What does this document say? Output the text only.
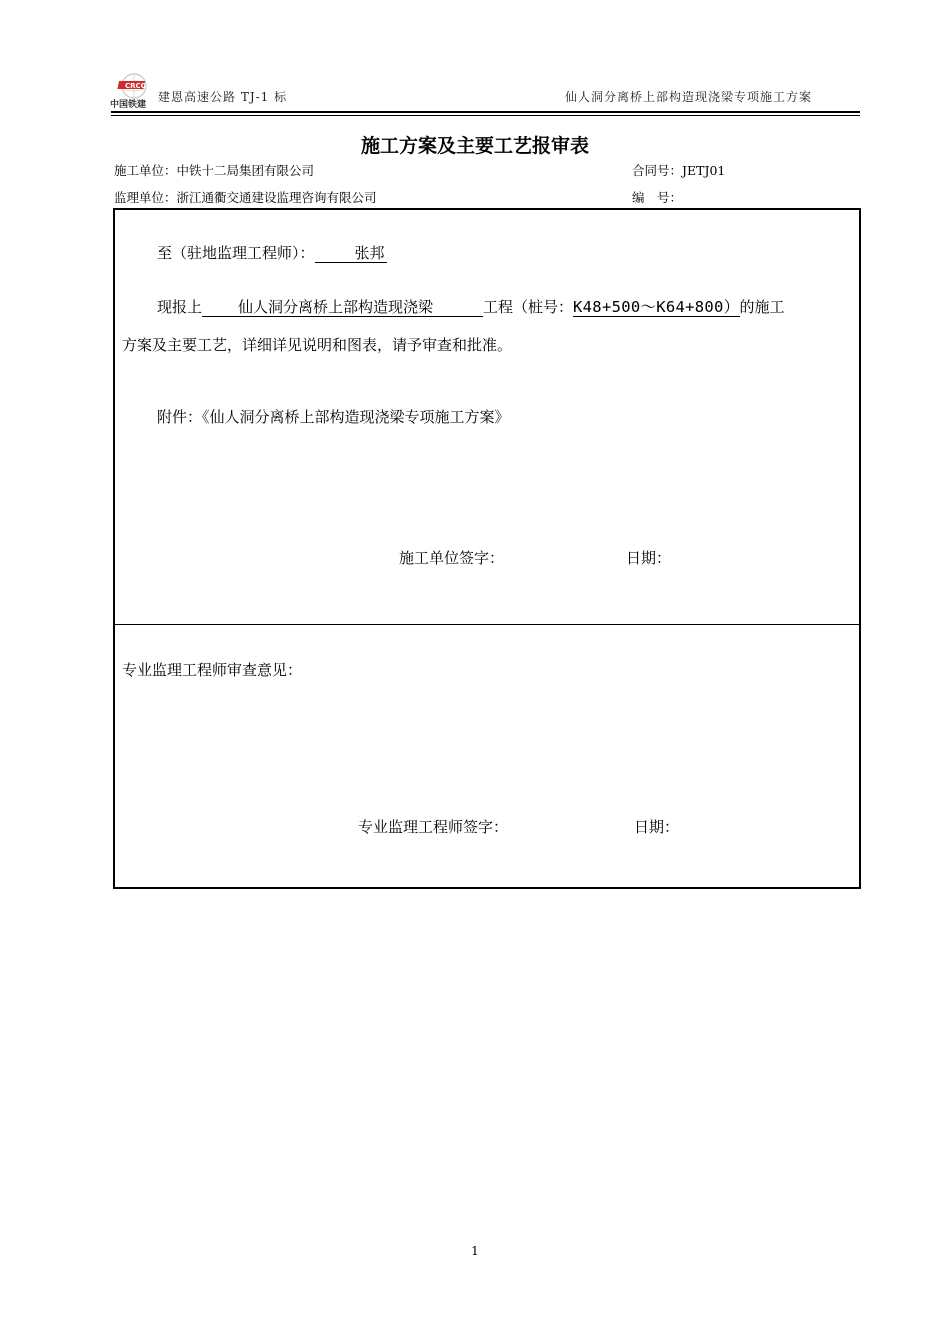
CRCC
中国铁建
建恩高速公路 TJ-1 标	仙人洞分离桥上部构造现浇梁专项施工方案
施工方案及主要工艺报审表
施工单位：中铁十二局集团有限公司	合同号：JETJ01
监理单位：浙江通衢交通建设监理咨询有限公司	编　号：
至（驻地监理工程师）：	张邦
现报上 仙人洞分离桥上部构造现浇梁	工程（桩号：K48+500～K64+800）的施工
方案及主要工艺，详细详见说明和图表，请予审查和批准。
附件：《仙人洞分离桥上部构造现浇梁专项施工方案》
施工单位签字：	日期：
专业监理工程师审查意见：
专业监理工程师签字：	日期：
1
